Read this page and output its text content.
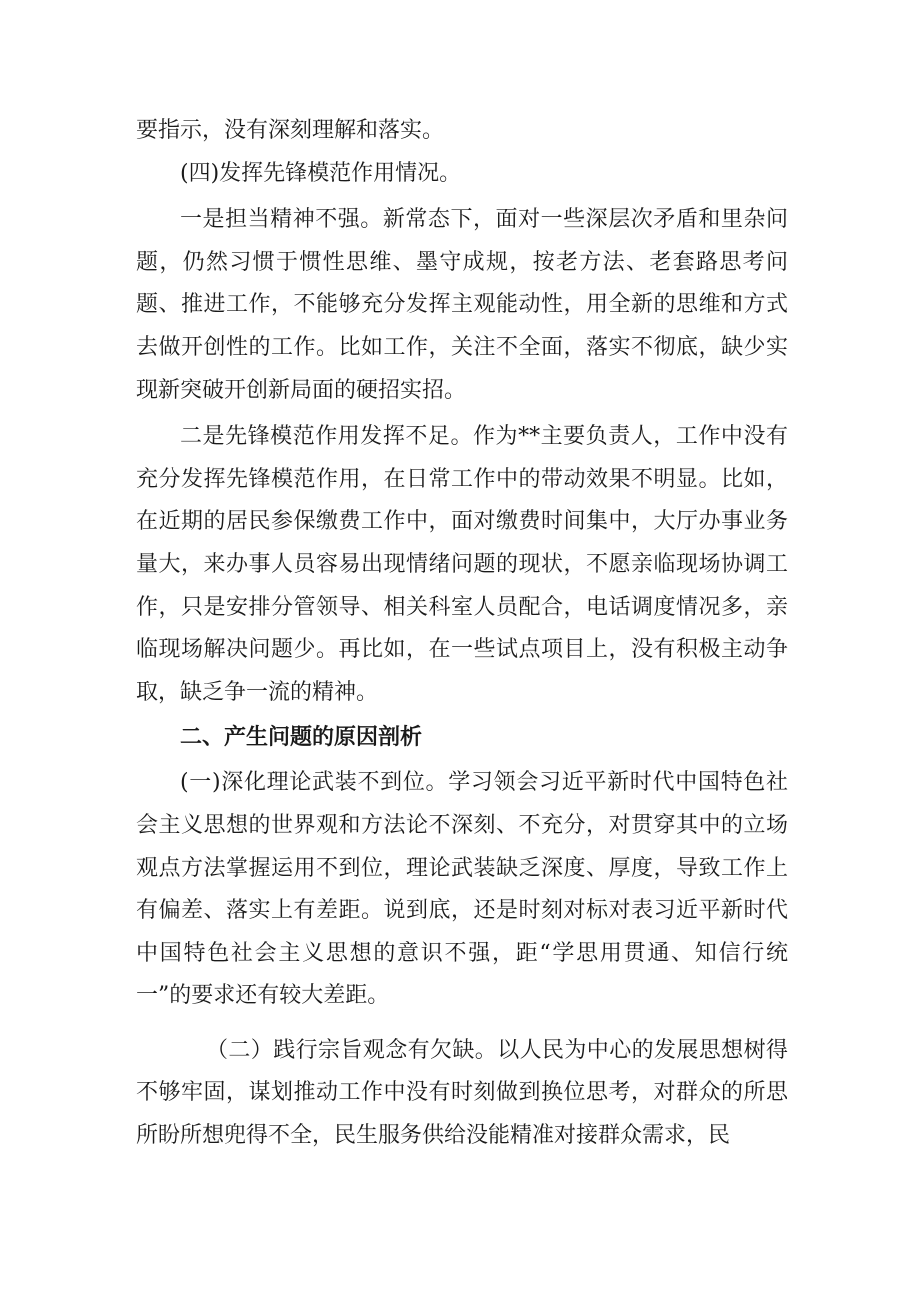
要指示，没有深刻理解和落实。

(四)发挥先锋模范作用情况。

一是担当精神不强。新常态下，面对一些深层次矛盾和里杂问题，仍然习惯于惯性思维、墨守成规，按老方法、老套路思考问题、推进工作，不能够充分发挥主观能动性，用全新的思维和方式去做开创性的工作。比如工作，关注不全面，落实不彻底，缺少实现新突破开创新局面的硬招实招。

二是先锋模范作用发挥不足。作为**主要负责人，工作中没有充分发挥先锋模范作用，在日常工作中的带动效果不明显。比如，在近期的居民参保缴费工作中，面对缴费时间集中，大厅办事业务量大，来办事人员容易出现情绪问题的现状，不愿亲临现场协调工作，只是安排分管领导、相关科室人员配合，电话调度情况多，亲临现场解决问题少。再比如，在一些试点项目上，没有积极主动争取，缺乏争一流的精神。

二、产生问题的原因剖析

(一)深化理论武装不到位。学习领会习近平新时代中国特色社会主义思想的世界观和方法论不深刻、不充分，对贯穿其中的立场观点方法掌握运用不到位，理论武装缺乏深度、厚度，导致工作上有偏差、落实上有差距。说到底，还是时刻对标对表习近平新时代中国特色社会主义思想的意识不强，距“学思用贯通、知信行统一”的要求还有较大差距。

（二）践行宗旨观念有欠缺。以人民为中心的发展思想树得不够牢固，谋划推动工作中没有时刻做到换位思考，对群众的所思所盼所想兜得不全，民生服务供给没能精准对接群众需求，民
